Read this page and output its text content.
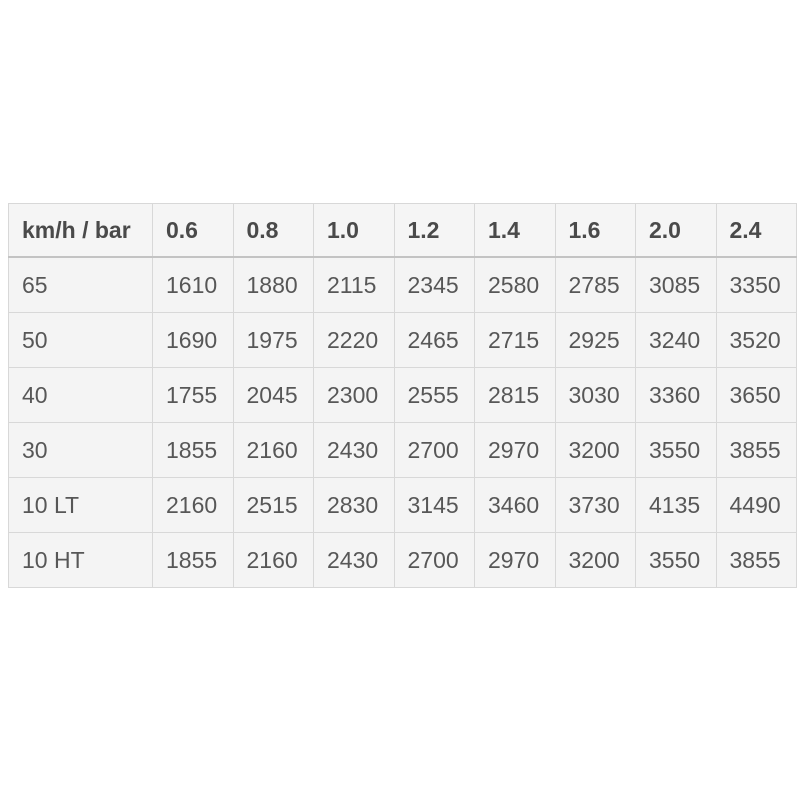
km/h / bar	0.6	0.8	1.0	1.2	1.4	1.6	2.0	2.4
65	1610	1880	2115	2345	2580	2785	3085	3350
50	1690	1975	2220	2465	2715	2925	3240	3520
40	1755	2045	2300	2555	2815	3030	3360	3650
30	1855	2160	2430	2700	2970	3200	3550	3855
10 LT	2160	2515	2830	3145	3460	3730	4135	4490
10 HT	1855	2160	2430	2700	2970	3200	3550	3855
